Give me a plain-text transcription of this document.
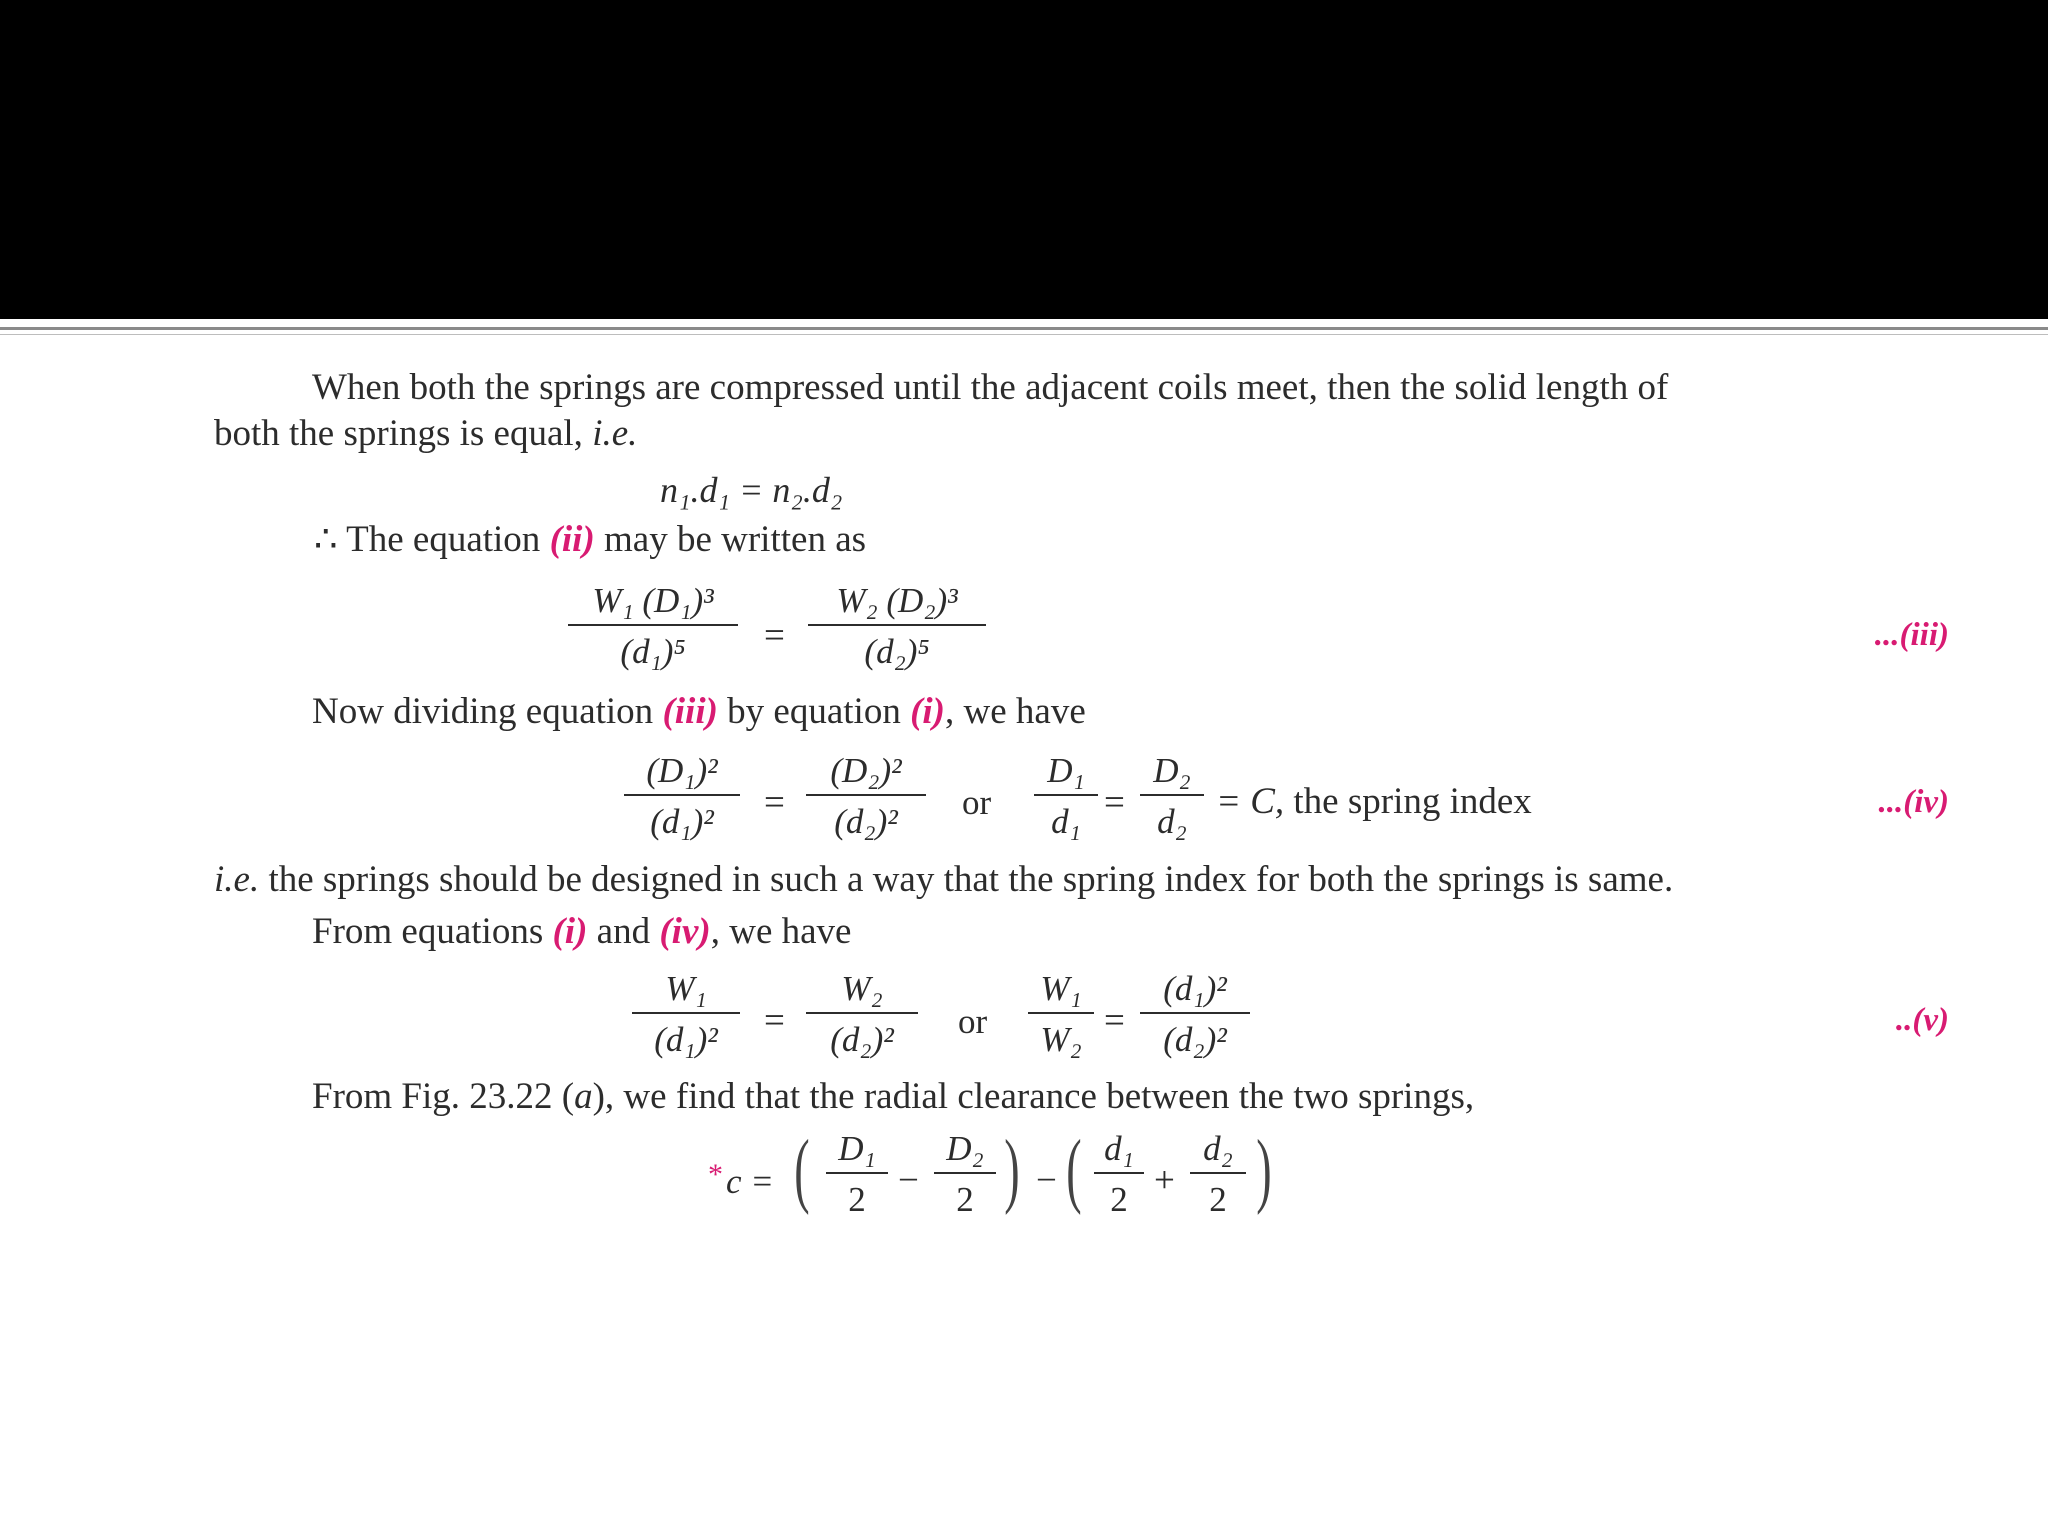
When both the springs are compressed until the adjacent coils meet, then the solid length of
both the springs is equal, i.e.
n₁.d₁ = n₂.d₂
∴ The equation (ii) may be written as
W₁ (D₁)³
(d₁)⁵	=
W₂ (D₂)³
(d₂)⁵	...(iii)
Now dividing equation (iii) by equation (i), we have
(D₁)²
(d₁)²	=
(D₂)²
(d₂)²	or
D₁
d₁ =
D₂
d₂ = C, the spring index	...(iv)
i.e. the springs should be designed in such a way that the spring index for both the springs is same.
From equations (i) and (iv), we have
W₁
(d₁)²	=
W₂
(d₂)²	or
W₁
W₂ =
(d₁)²
(d₂)²	..(v)
From Fig. 23.22 (a), we find that the radial clearance between the two springs,
* c = ( D₁
2 −
D₂
2 ) − ( d₁
2 +
d₂
2 )
